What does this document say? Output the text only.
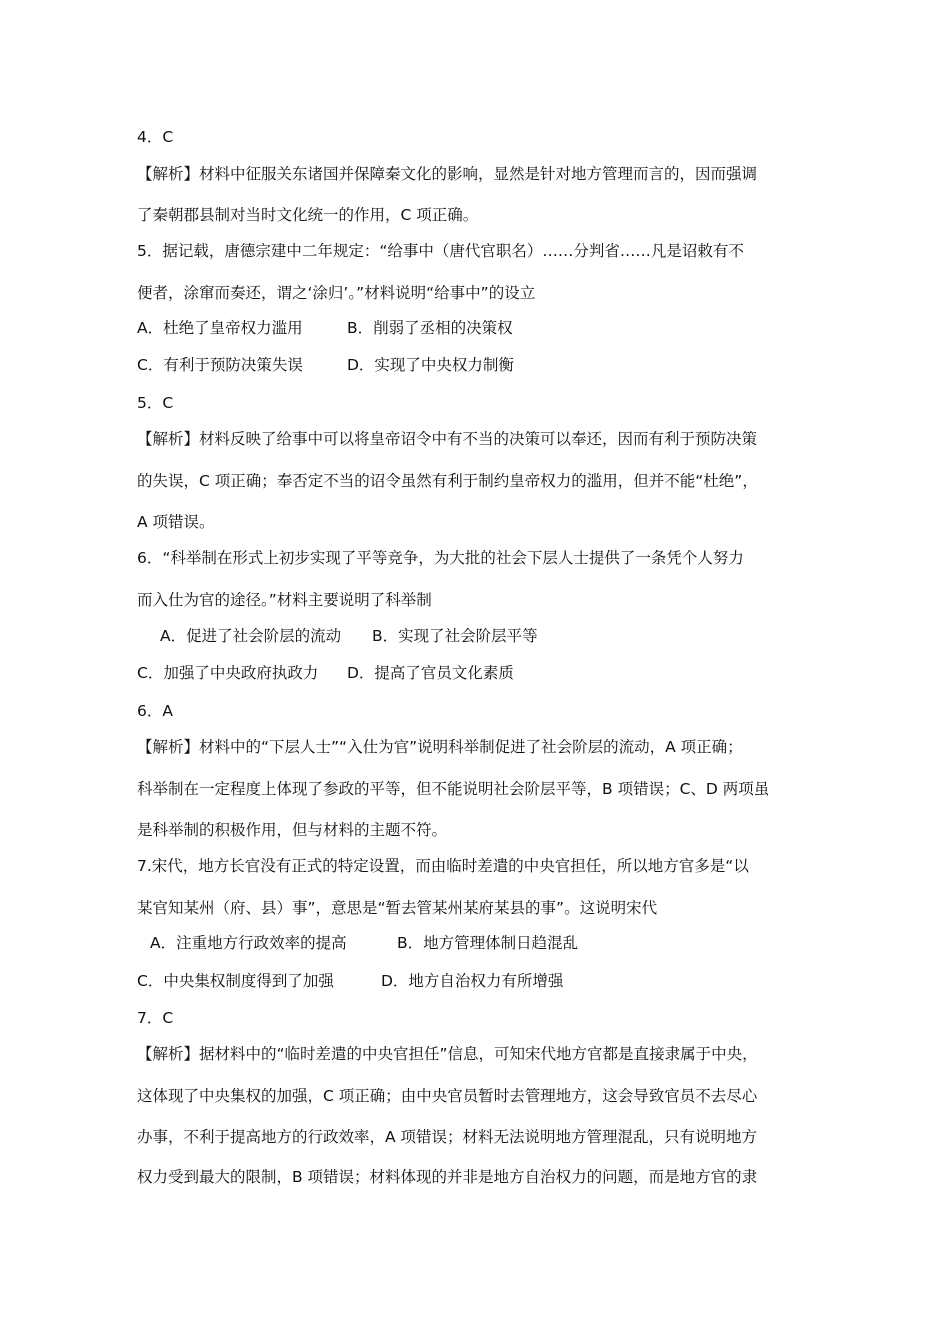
4．C
【解析】材料中征服关东诸国并保障秦文化的影响，显然是针对地方管理而言的，因而强调
了秦朝郡县制对当时文化统一的作用，C 项正确。
5．据记载，唐德宗建中二年规定：“给事中（唐代官职名）……分判省……凡是诏敕有不
便者，涂窜而奏还，谓之‘涂归’。”材料说明“给事中”的设立
A．杜绝了皇帝权力滥用	B．削弱了丞相的决策权
C．有利于预防决策失误	D．实现了中央权力制衡
5．C
【解析】材料反映了给事中可以将皇帝诏令中有不当的决策可以奉还，因而有利于预防决策
的失误，C 项正确；奉否定不当的诏令虽然有利于制约皇帝权力的滥用，但并不能“杜绝”，
A 项错误。
6．“科举制在形式上初步实现了平等竞争，为大批的社会下层人士提供了一条凭个人努力
而入仕为官的途径。”材料主要说明了科举制
A．促进了社会阶层的流动 B．实现了社会阶层平等
C．加强了中央政府执政力 D．提高了官员文化素质
6．A
【解析】材料中的“下层人士”“入仕为官”说明科举制促进了社会阶层的流动，A 项正确；
科举制在一定程度上体现了参政的平等，但不能说明社会阶层平等，B 项错误；C、D 两项虽
是科举制的积极作用，但与材料的主题不符。
7.宋代，地方长官没有正式的特定设置，而由临时差遣的中央官担任，所以地方官多是“以
某官知某州（府、县）事”，意思是“暂去管某州某府某县的事”。这说明宋代
A．注重地方行政效率的提高	B．地方管理体制日趋混乱
C．中央集权制度得到了加强	D．地方自治权力有所增强
7．C
【解析】据材料中的“临时差遣的中央官担任”信息，可知宋代地方官都是直接隶属于中央，
这体现了中央集权的加强，C 项正确；由中央官员暂时去管理地方，这会导致官员不去尽心
办事，不利于提高地方的行政效率，A 项错误；材料无法说明地方管理混乱，只有说明地方
权力受到最大的限制，B 项错误；材料体现的并非是地方自治权力的问题，而是地方官的隶
